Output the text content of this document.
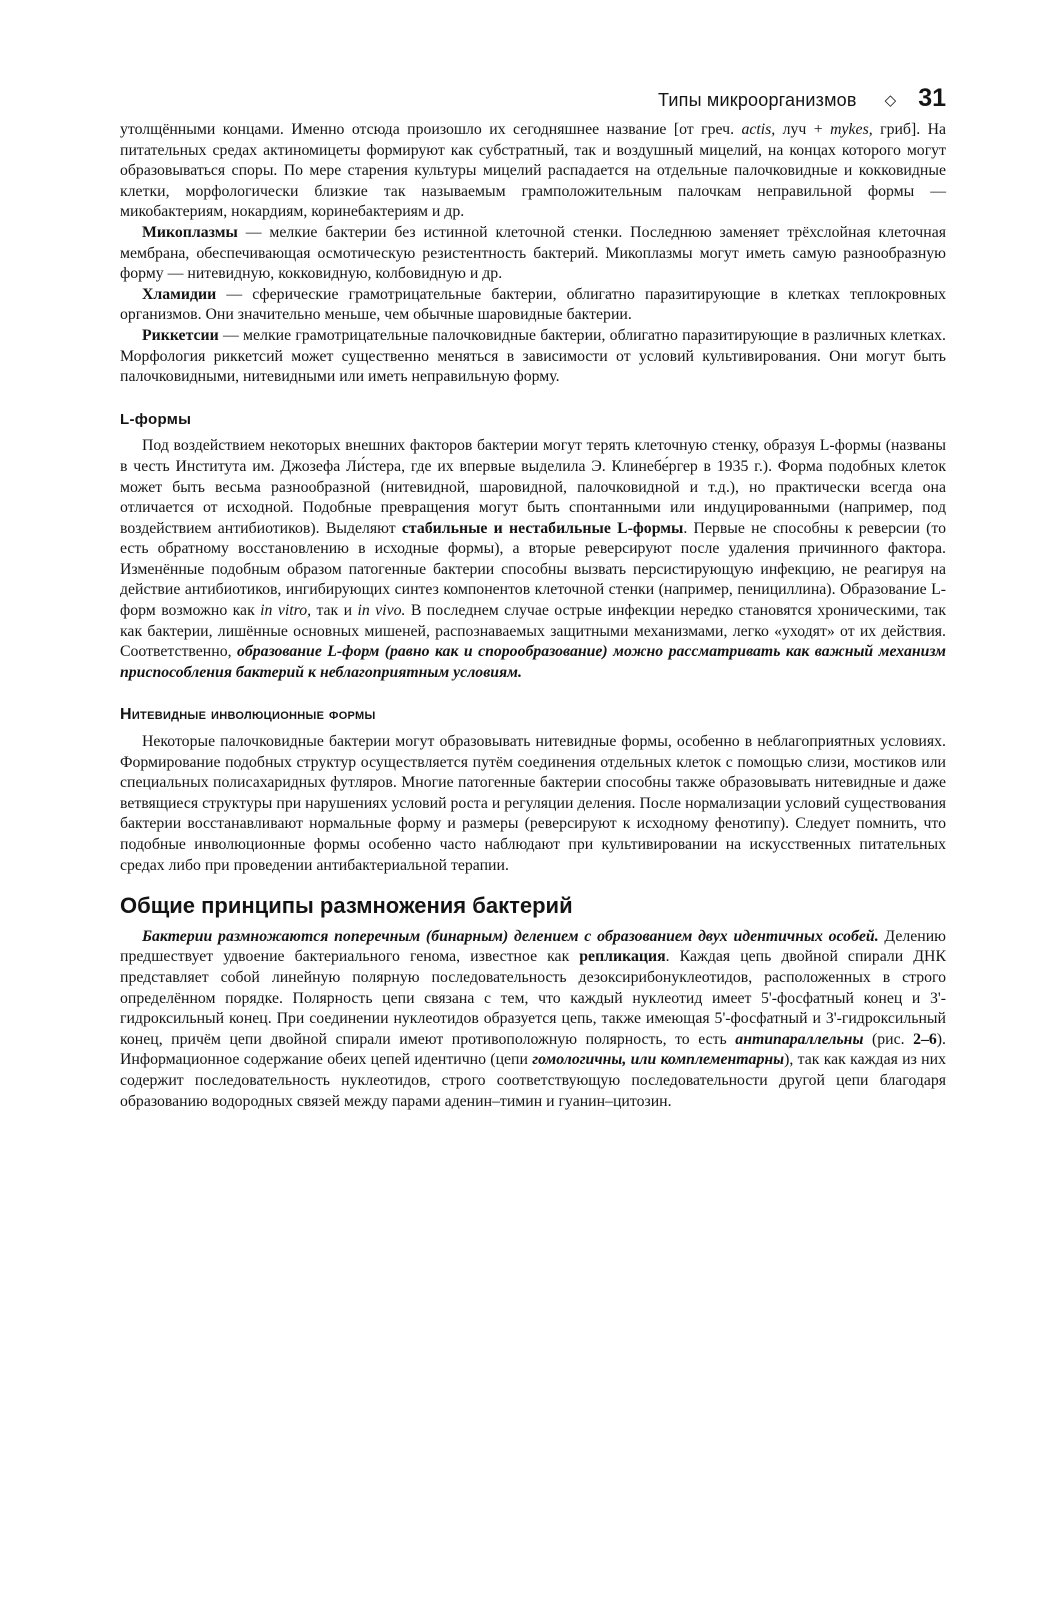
Типы микроорганизмов ◇ 31

утолщёнными концами. Именно отсюда произошло их сегодняшнее название [от греч. actis, луч + mykes, гриб]. На питательных средах актиномицеты формируют как субстратный, так и воздушный мицелий, на концах которого могут образовываться споры. По мере старения культуры мицелий распадается на отдельные палочковидные и кокковидные клетки, морфологически близкие так называемым грамположительным палочкам неправильной формы — микобактериям, нокардиям, коринебактериям и др.

Микоплазмы — мелкие бактерии без истинной клеточной стенки. Последнюю заменяет трёхслойная клеточная мембрана, обеспечивающая осмотическую резистентность бактерий. Микоплазмы могут иметь самую разнообразную форму — нитевидную, кокковидную, колбовидную и др.

Хламидии — сферические грамотрицательные бактерии, облигатно паразитирующие в клетках теплокровных организмов. Они значительно меньше, чем обычные шаровидные бактерии.

Риккетсии — мелкие грамотрицательные палочковидные бактерии, облигатно паразитирующие в различных клетках. Морфология риккетсий может существенно меняться в зависимости от условий культивирования. Они могут быть палочковидными, нитевидными или иметь неправильную форму.

L-формы

Под воздействием некоторых внешних факторов бактерии могут терять клеточную стенку, образуя L-формы (названы в честь Института им. Джозефа Ли́стера, где их впервые выделила Э. Клинебе́ргер в 1935 г.). Форма подобных клеток может быть весьма разнообразной (нитевидной, шаровидной, палочковидной и т.д.), но практически всегда она отличается от исходной. Подобные превращения могут быть спонтанными или индуцированными (например, под воздействием антибиотиков). Выделяют стабильные и нестабильные L-формы. Первые не способны к реверсии (то есть обратному восстановлению в исходные формы), а вторые реверсируют после удаления причинного фактора. Изменённые подобным образом патогенные бактерии способны вызвать персистирующую инфекцию, не реагируя на действие антибиотиков, ингибирующих синтез компонентов клеточной стенки (например, пенициллина). Образование L-форм возможно как in vitro, так и in vivo. В последнем случае острые инфекции нередко становятся хроническими, так как бактерии, лишённые основных мишеней, распознаваемых защитными механизмами, легко «уходят» от их действия. Соответственно, образование L-форм (равно как и спорообразование) можно рассматривать как важный механизм приспособления бактерий к неблагоприятным условиям.

Нитевидные инволюционные формы

Некоторые палочковидные бактерии могут образовывать нитевидные формы, особенно в неблагоприятных условиях. Формирование подобных структур осуществляется путём соединения отдельных клеток с помощью слизи, мостиков или специальных полисахаридных футляров. Многие патогенные бактерии способны также образовывать нитевидные и даже ветвящиеся структуры при нарушениях условий роста и регуляции деления. После нормализации условий существования бактерии восстанавливают нормальные форму и размеры (реверсируют к исходному фенотипу). Следует помнить, что подобные инволюционные формы особенно часто наблюдают при культивировании на искусственных питательных средах либо при проведении антибактериальной терапии.

Общие принципы размножения бактерий

Бактерии размножаются поперечным (бинарным) делением с образованием двух идентичных особей. Делению предшествует удвоение бактериального генома, известное как репликация. Каждая цепь двойной спирали ДНК представляет собой линейную полярную последовательность дезоксирибонуклеотидов, расположенных в строго определённом порядке. Полярность цепи связана с тем, что каждый нуклеотид имеет 5'-фосфатный конец и 3'-гидроксильный конец. При соединении нуклеотидов образуется цепь, также имеющая 5'-фосфатный и 3'-гидроксильный конец, причём цепи двойной спирали имеют противоположную полярность, то есть антипараллельны (рис. 2–6). Информационное содержание обеих цепей идентично (цепи гомологичны, или комплементарны), так как каждая из них содержит последовательность нуклеотидов, строго соответствующую последовательности другой цепи благодаря образованию водородных связей между парами аденин–тимин и гуанин–цитозин.
